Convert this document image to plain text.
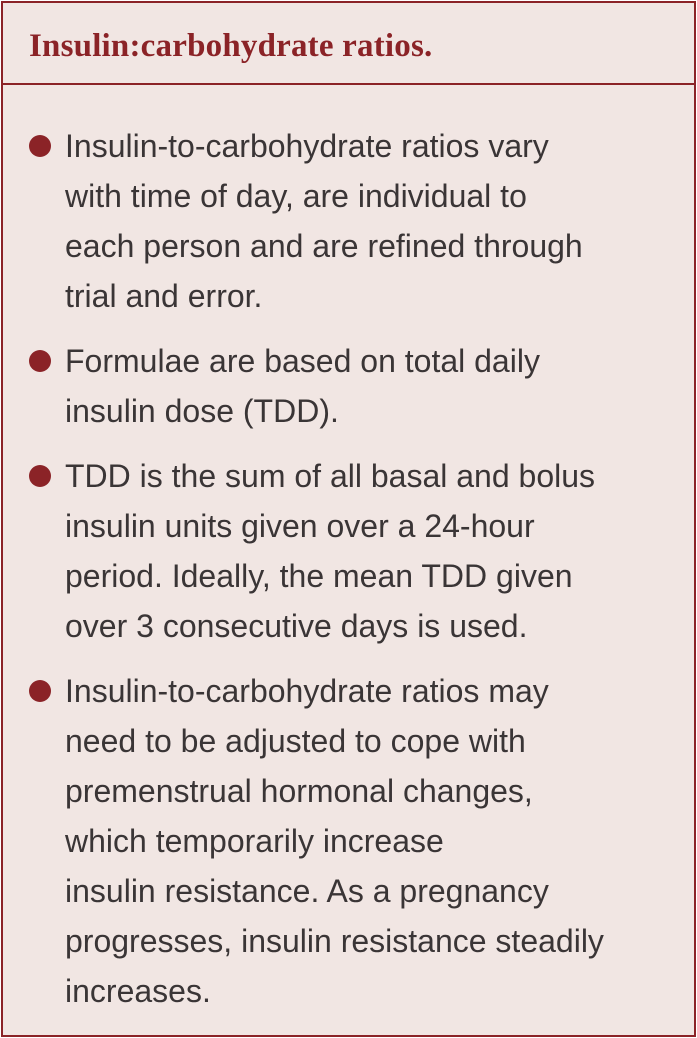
Insulin:carbohydrate ratios.

Insulin-to-carbohydrate ratios vary
with time of day, are individual to
each person and are refined through
trial and error.

Formulae are based on total daily
insulin dose (TDD).

TDD is the sum of all basal and bolus
insulin units given over a 24-hour
period. Ideally, the mean TDD given
over 3 consecutive days is used.

Insulin-to-carbohydrate ratios may
need to be adjusted to cope with
premenstrual hormonal changes,
which temporarily increase
insulin resistance. As a pregnancy
progresses, insulin resistance steadily
increases.
